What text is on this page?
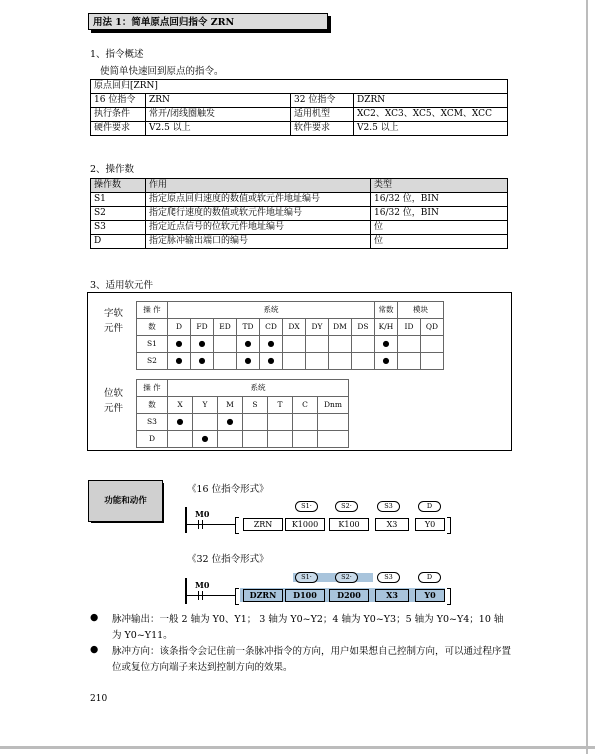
用法 1：简单原点回归指令 ZRN
1、指令概述
使简单快速回到原点的指令。
原点回归[ZRN]			
16 位指令	ZRN	32 位指令	DZRN
执行条件	常开/闭线圈触发	适用机型	XC2、XC3、XC5、XCM、XCC
硬件要求	V2.5 以上	软件要求	V2.5 以上
2、操作数
操作数	作用	类型
S1	指定原点回归速度的数值或软元件地址编号	16/32 位，BIN
S2	指定爬行速度的数值或软元件地址编号	16/32 位，BIN
S3	指定近点信号的位软元件地址编号	位
D	指定脉冲输出端口的编号	位
3、适用软元件
字软
元件
操 作	系统									常数	模块	
数	D	FD	ED	TD	CD	DX	DY	DM	DS	K/H	ID	QD
S1	●	●		●	●					●		
S2	●	●		●	●					●		
位软
元件
操 作	系统						
数	X	Y	M	S	T	C	Dnm
S3	●		●				
D		●					
功能和动作
《16 位指令形式》
M0
ZRN	K1000	K100	X3	Y0
S1·	S2·	S3	D
《32 位指令形式》
M0
DZRN	D100	D200	X3	Y0
S1·	S2·	S3	D
● 脉冲输出：一般 2 轴为 Y0、Y1； 3 轴为 Y0~Y2；4 轴为 Y0~Y3；5 轴为 Y0~Y4；10 轴为 Y0~Y11。
● 脉冲方向：该条指令会记住前一条脉冲指令的方向，用户如果想自己控制方向，可以通过程序置位或复位方向端子来达到控制方向的效果。
210
